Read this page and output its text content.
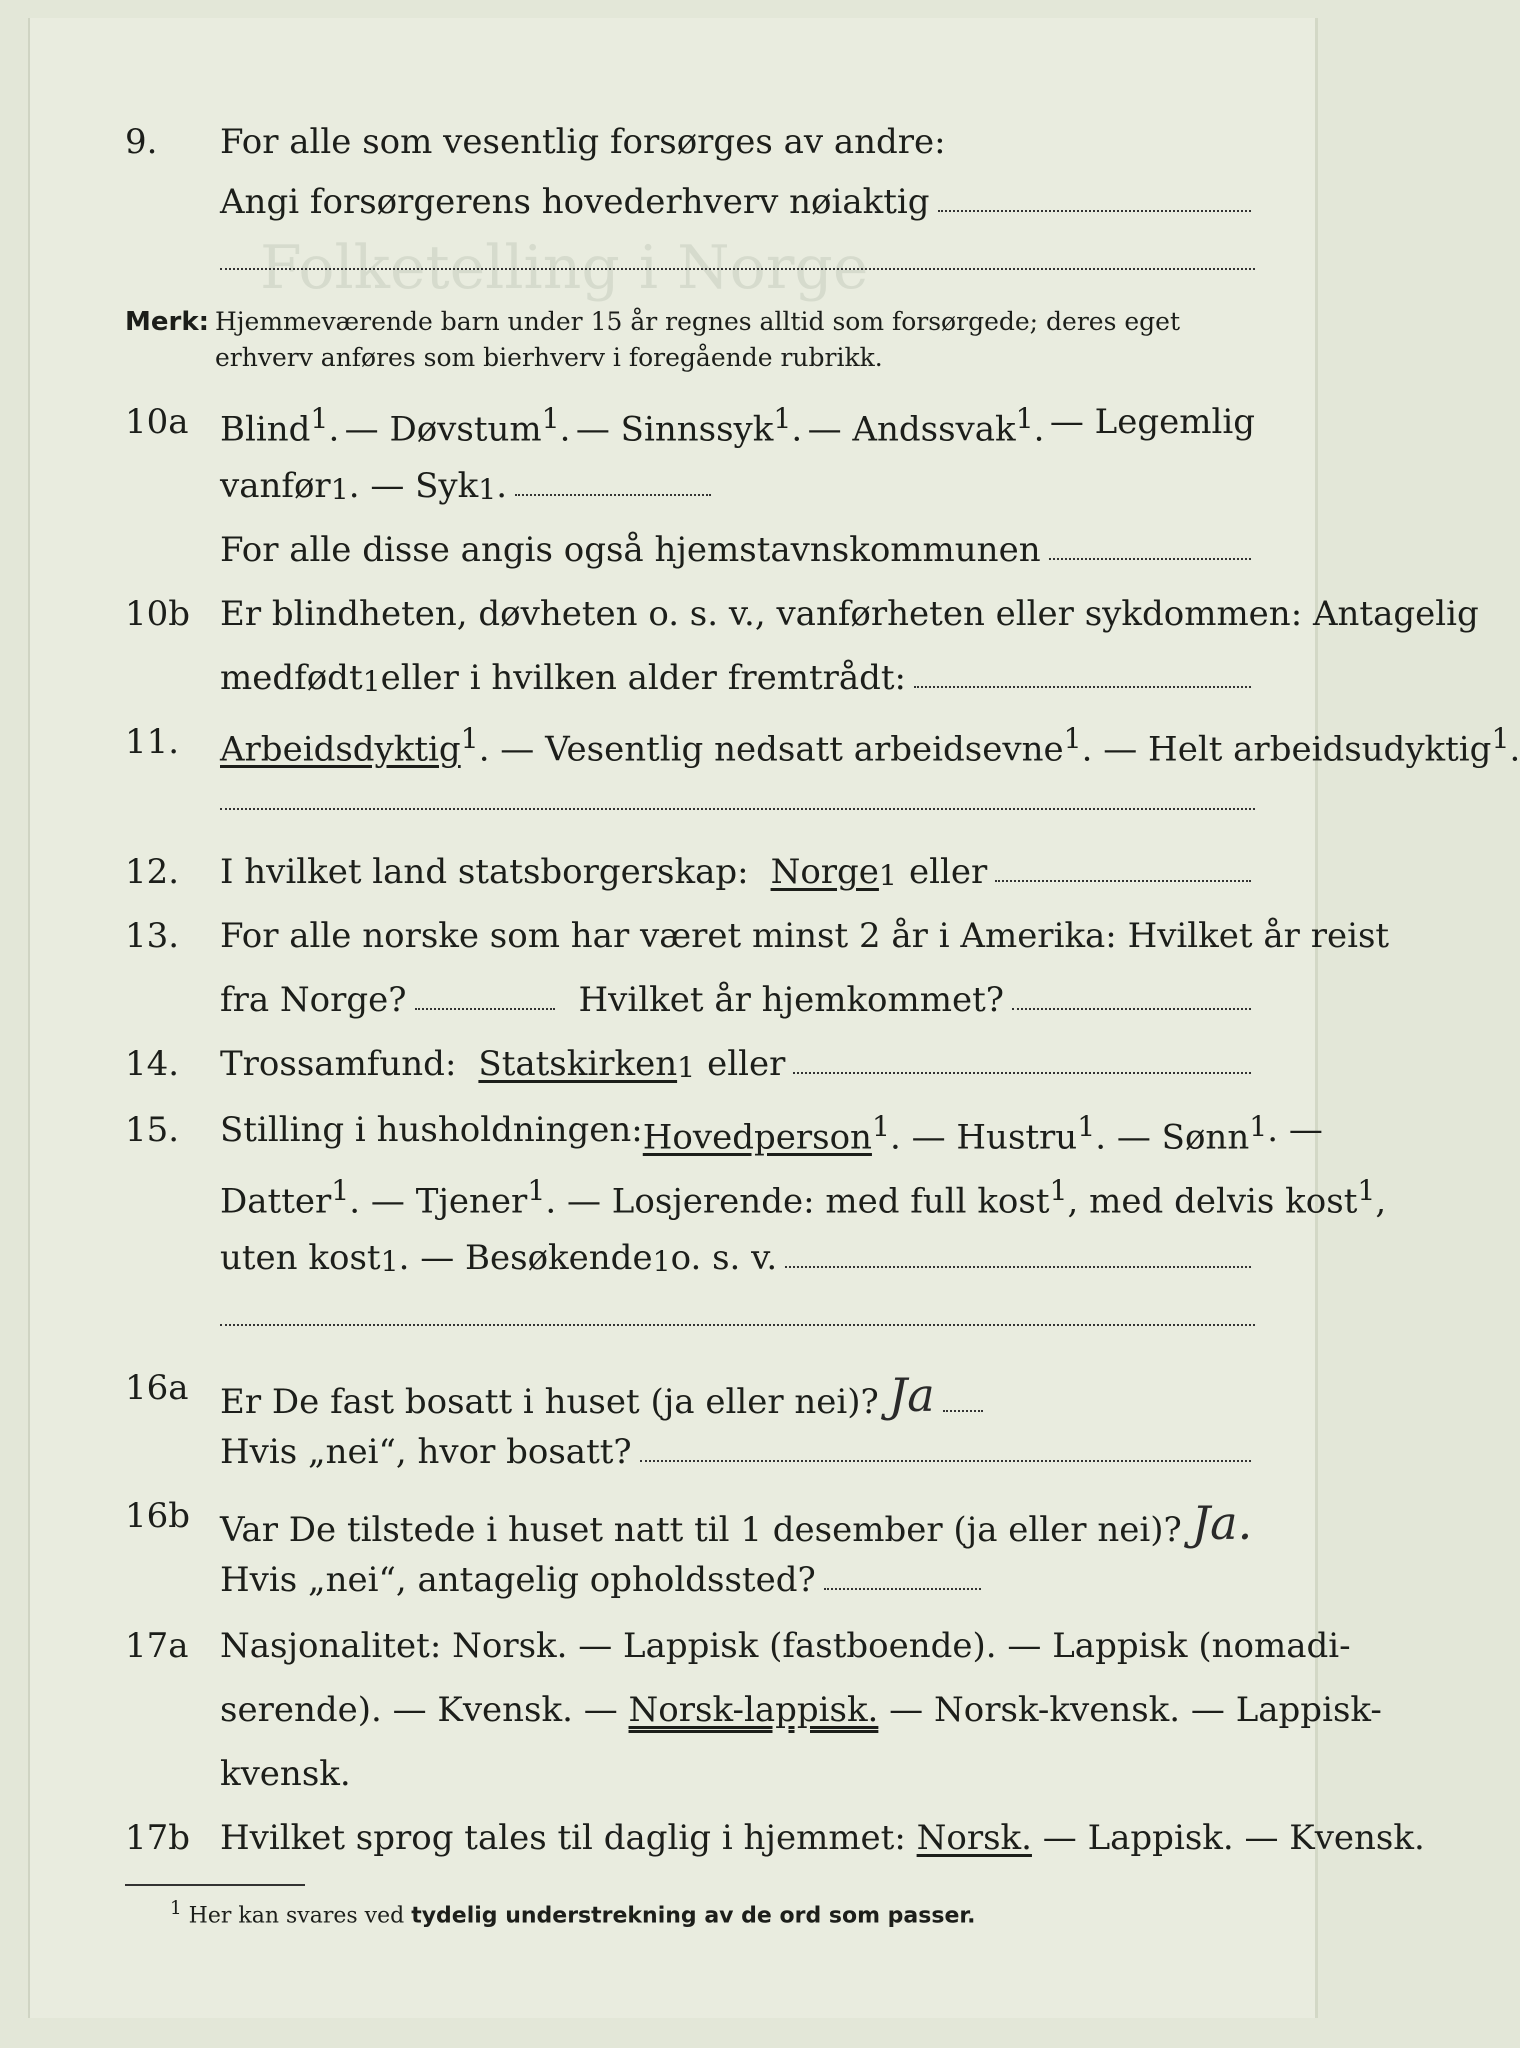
Folketelling i Norge
9. For alle som vesentlig forsørges av andre:
Angi forsørgerens hovederhverv nøiaktig
Merk: Hjemmeværende barn under 15 år regnes alltid som forsørgede; deres eget erhverv anføres som bierhverv i foregående rubrikk.
10a Blind$^1$. — Døvstum$^1$. — Sinnssyk$^1$. — Andssvak$^1$. — Legemlig
vanfør 1 . — Syk 1 .
For alle disse angis også hjemstavnskommunen
10b Er blindheten, døvheten o. s. v., vanførheten eller sykdommen: Antagelig
medfødt 1 eller i hvilken alder fremtrådt:
11. Arbeidsdyktig$^1$. — Vesentlig nedsatt arbeidsevne$^1$. — Helt arbeidsudyktig$^1$.
12. I hvilket land statsborgerskap: Norge 1 eller
13. For alle norske som har været minst 2 år i Amerika: Hvilket år reist
fra Norge?	Hvilket år hjemkommet?
14. Trossamfund: Statskirken 1 eller
15. Stilling i husholdningen: Hovedperson$^1$ . — Hustru$^1$ . — Sønn$^1$ . —
Datter$^1$ . — Tjener$^1$ . — Losjerende: med full kost$^1$ , med delvis kost$^1$,
uten kost 1 . — Besøkende 1 o. s. v.
16a Er De fast bosatt i huset (ja eller nei)? Ja
Hvis „nei“, hvor bosatt?
16b Var De tilstede i huset natt til 1 desember (ja eller nei)? Ja.
Hvis „nei“, antagelig opholdssted?
17a Nasjonalitet: Norsk. — Lappisk (fastboende). — Lappisk (nomadi-
serende). — Kvensk. — Norsk-lappisk. — Norsk-kvensk. — Lappisk-
kvensk.
17b Hvilket sprog tales til daglig i hjemmet: Norsk. — Lappisk. — Kvensk.
$^1$ Her kan svares ved tydelig understrekning av de ord som passer.
